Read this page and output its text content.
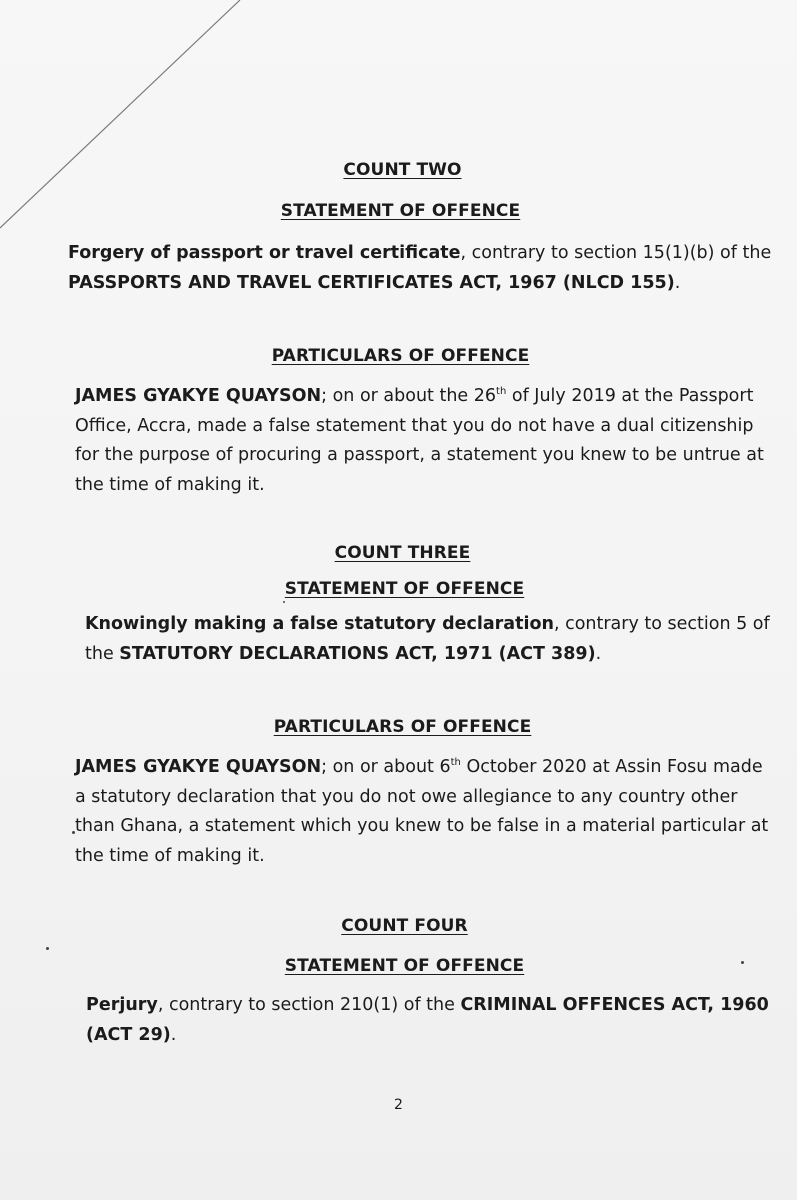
COUNT TWO
STATEMENT OF OFFENCE
Forgery of passport or travel certificate, contrary to section 15(1)(b) of the
PASSPORTS AND TRAVEL CERTIFICATES ACT, 1967 (NLCD 155).
PARTICULARS OF OFFENCE
JAMES GYAKYE QUAYSON; on or about the 26th of July 2019 at the Passport
Office, Accra, made a false statement that you do not have a dual citizenship
for the purpose of procuring a passport, a statement you knew to be untrue at
the time of making it.
COUNT THREE
STATEMENT OF OFFENCE
Knowingly making a false statutory declaration, contrary to section 5 of
the STATUTORY DECLARATIONS ACT, 1971 (ACT 389).
PARTICULARS OF OFFENCE
JAMES GYAKYE QUAYSON; on or about 6th October 2020 at Assin Fosu made
a statutory declaration that you do not owe allegiance to any country other
than Ghana, a statement which you knew to be false in a material particular at
the time of making it.
COUNT FOUR
STATEMENT OF OFFENCE
Perjury, contrary to section 210(1) of the CRIMINAL OFFENCES ACT, 1960
(ACT 29).
2
